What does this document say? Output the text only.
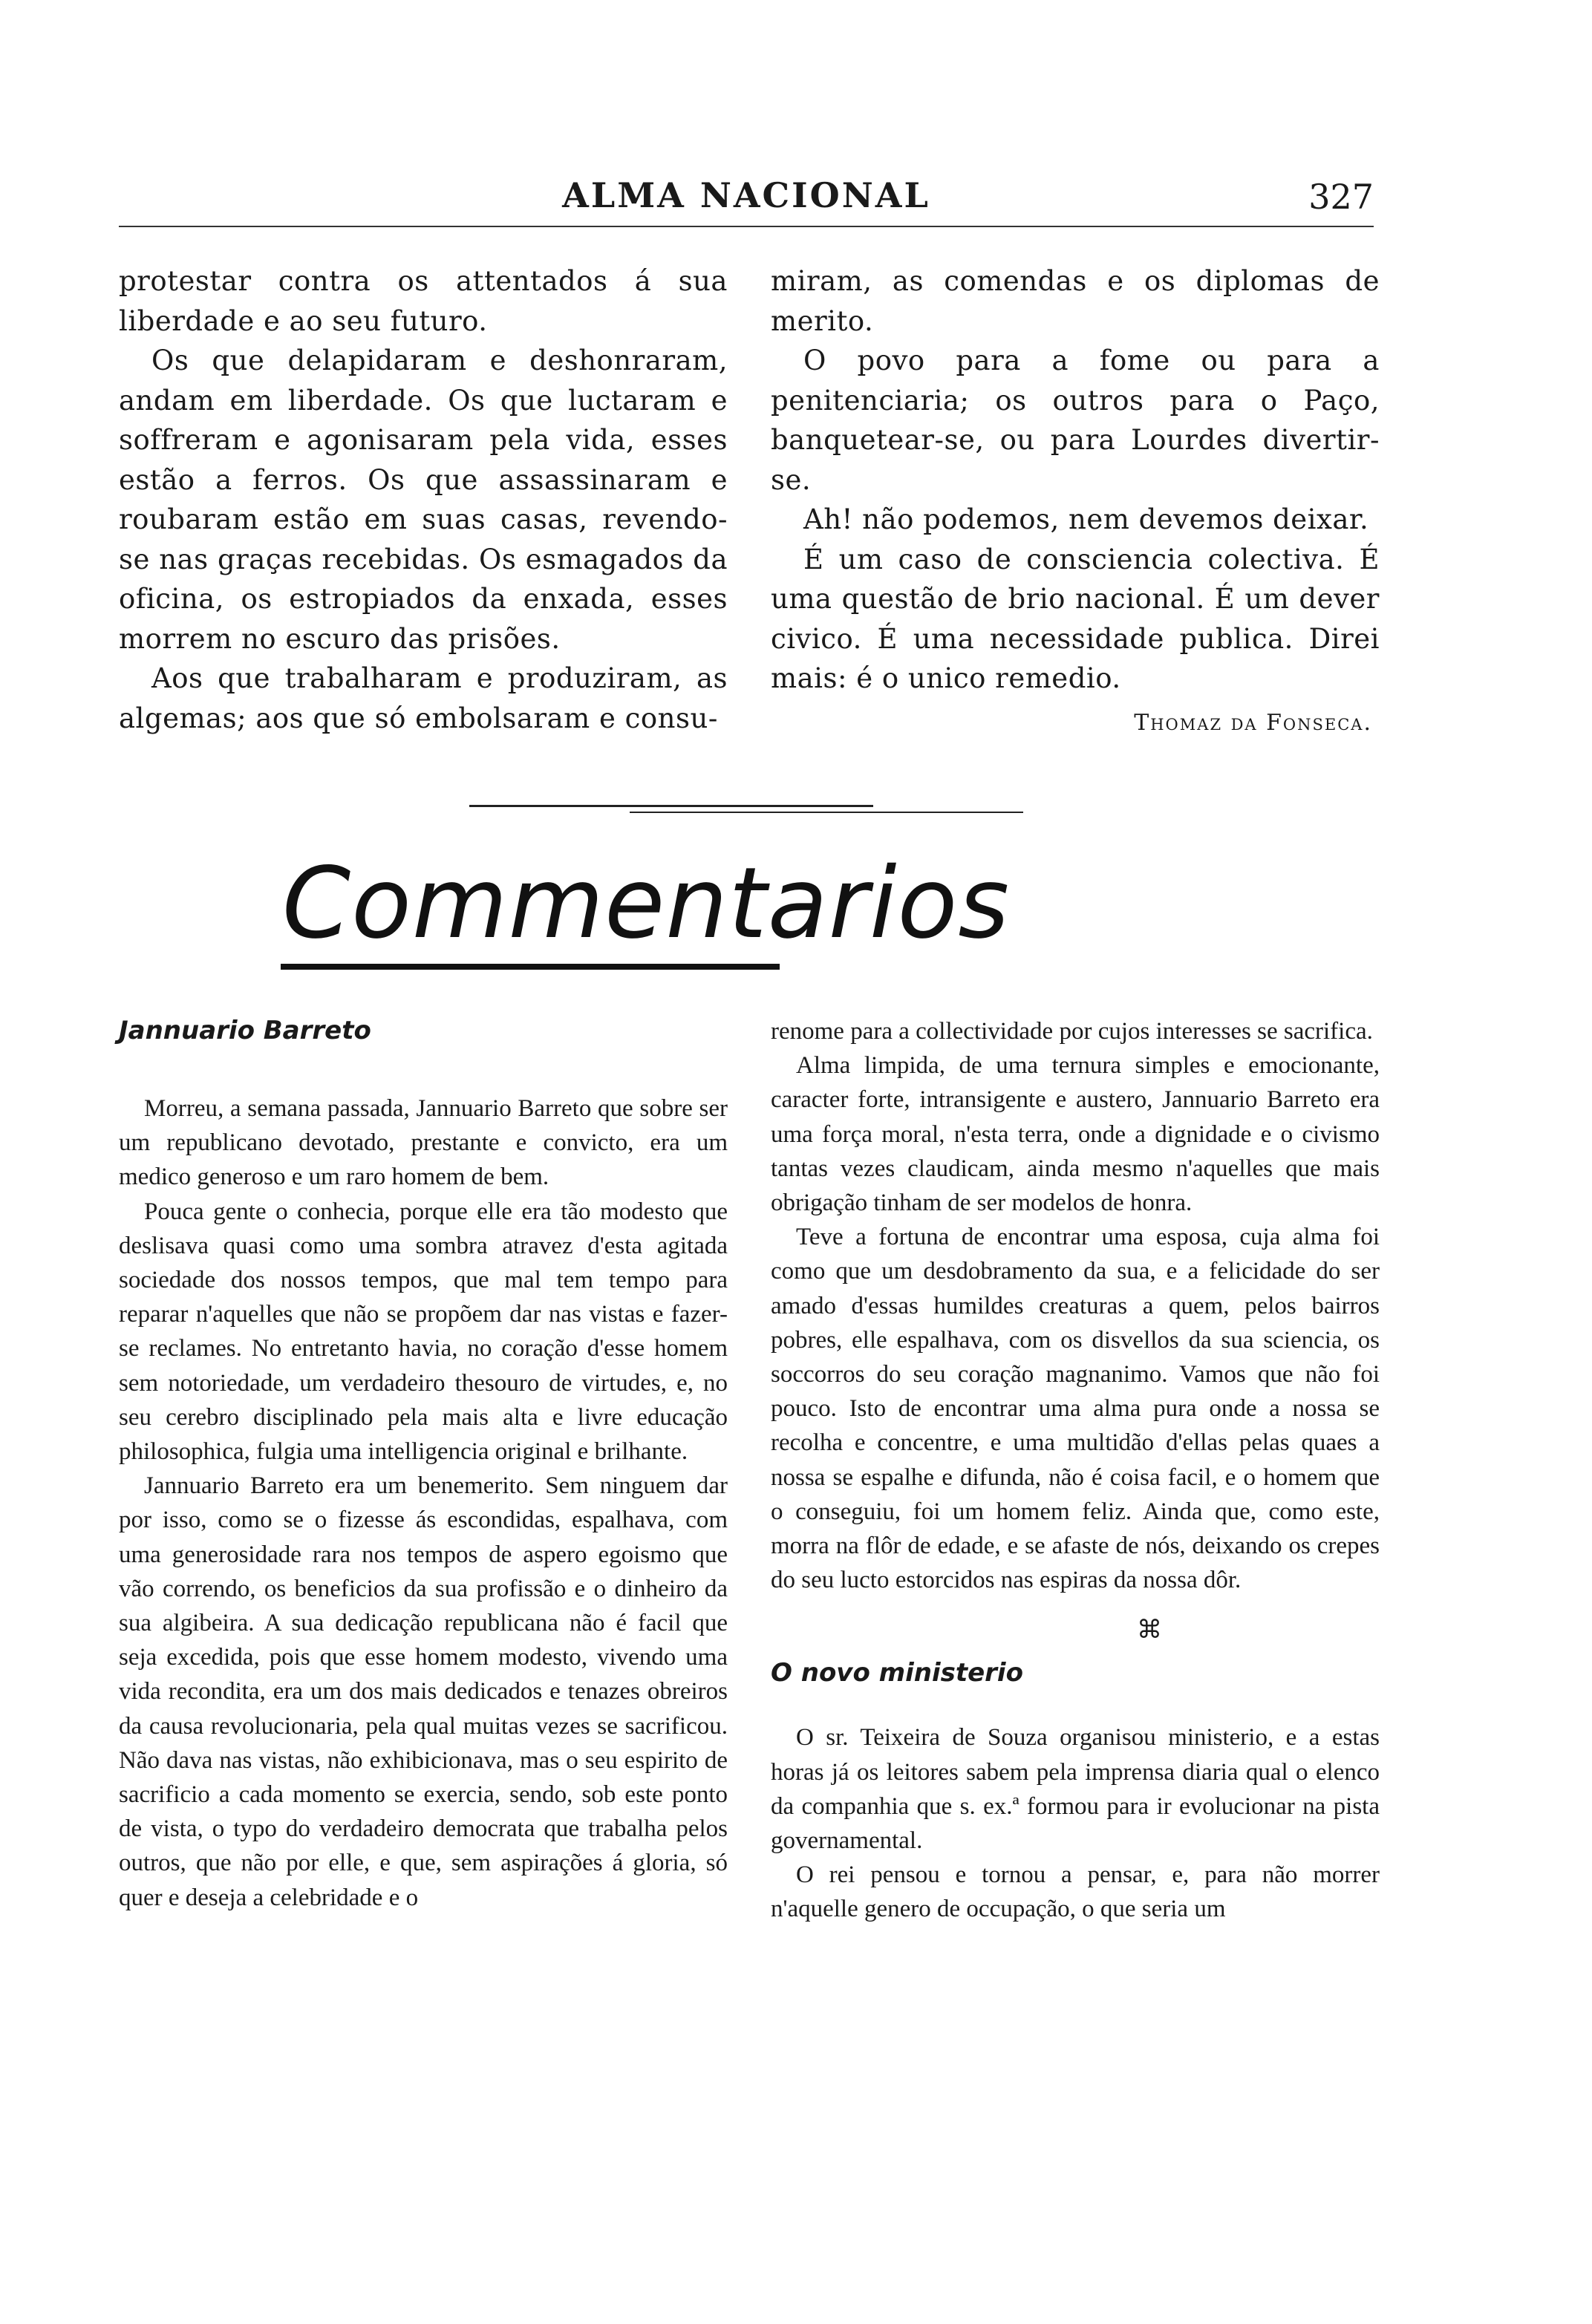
ALMA NACIONAL	327

protestar contra os attentados á sua liberdade e ao seu futuro.

Os que delapidaram e deshonraram, andam em liberdade. Os que luctaram e soffreram e agonisaram pela vida, esses estão a ferros. Os que assassinaram e roubaram estão em suas casas, revendo-se nas graças recebidas. Os esmagados da oficina, os estropiados da enxada, esses morrem no escuro das prisões.

Aos que trabalharam e produziram, as algemas; aos que só embolsaram e consu-

miram, as comendas e os diplomas de merito.

O povo para a fome ou para a penitenciaria; os outros para o Paço, banquetear-se, ou para Lourdes divertir-se.

Ah! não podemos, nem devemos deixar.

É um caso de consciencia colectiva. É uma questão de brio nacional. É um dever civico. É uma necessidade publica. Direi mais: é o unico remedio.

Thomaz da Fonseca.

Commentarios
Jannuario Barreto

Morreu, a semana passada, Jannuario Barreto que sobre ser um republicano devotado, prestante e convicto, era um medico generoso e um raro homem de bem.

Pouca gente o conhecia, porque elle era tão modesto que deslisava quasi como uma sombra atravez d'esta agitada sociedade dos nossos tempos, que mal tem tempo para reparar n'aquelles que não se propõem dar nas vistas e fazer-se reclames. No entretanto havia, no coração d'esse homem sem notoriedade, um verdadeiro thesouro de virtudes, e, no seu cerebro disciplinado pela mais alta e livre educação philosophica, fulgia uma intelligencia original e brilhante.

Jannuario Barreto era um benemerito. Sem ninguem dar por isso, como se o fizesse ás escondidas, espalhava, com uma generosidade rara nos tempos de aspero egoismo que vão correndo, os beneficios da sua profissão e o dinheiro da sua algibeira. A sua dedicação republicana não é facil que seja excedida, pois que esse homem modesto, vivendo uma vida recondita, era um dos mais dedicados e tenazes obreiros da causa revolucionaria, pela qual muitas vezes se sacrificou. Não dava nas vistas, não exhibicionava, mas o seu espirito de sacrificio a cada momento se exercia, sendo, sob este ponto de vista, o typo do verdadeiro democrata que trabalha pelos outros, que não por elle, e que, sem aspirações á gloria, só quer e deseja a celebridade e o

renome para a collectividade por cujos interesses se sacrifica.

Alma limpida, de uma ternura simples e emocionante, caracter forte, intransigente e austero, Jannuario Barreto era uma força moral, n'esta terra, onde a dignidade e o civismo tantas vezes claudicam, ainda mesmo n'aquelles que mais obrigação tinham de ser modelos de honra.

Teve a fortuna de encontrar uma esposa, cuja alma foi como que um desdobramento da sua, e a felicidade do ser amado d'essas humildes creaturas a quem, pelos bairros pobres, elle espalhava, com os disvellos da sua sciencia, os soccorros do seu coração magnanimo. Vamos que não foi pouco. Isto de encontrar uma alma pura onde a nossa se recolha e concentre, e uma multidão d'ellas pelas quaes a nossa se espalhe e difunda, não é coisa facil, e o homem que o conseguiu, foi um homem feliz. Ainda que, como este, morra na flôr de edade, e se afaste de nós, deixando os crepes do seu lucto estorcidos nas espiras da nossa dôr.

⌘
O novo ministerio

O sr. Teixeira de Souza organisou ministerio, e a estas horas já os leitores sabem pela imprensa diaria qual o elenco da companhia que s. ex.ª formou para ir evolucionar na pista governamental.

O rei pensou e tornou a pensar, e, para não morrer n'aquelle genero de occupação, o que seria um
